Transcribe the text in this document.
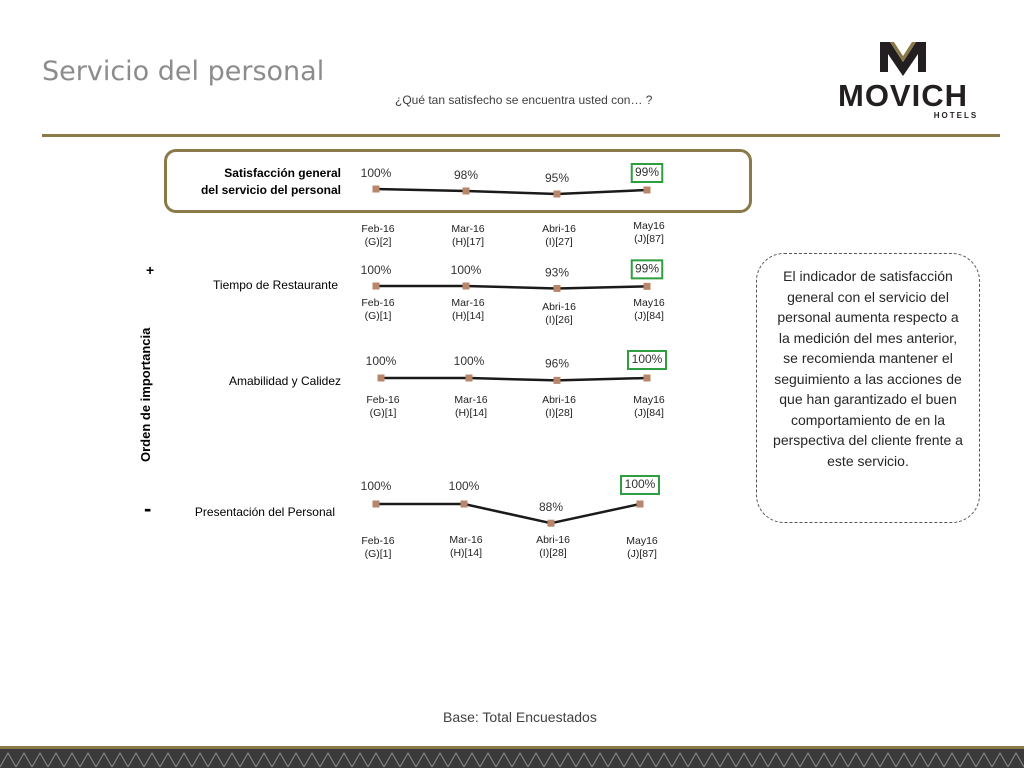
Servicio del personal
¿Qué tan satisfecho se encuentra usted con… ?	MOVICH
HOTELS
Satisfacción general
del servicio del personal
Tiempo de Restaurante
Amabilidad y Calidez
Presentación del Personal
+
-
Orden de importancia
100%
Feb-16
(G)[2]
98%
Mar-16
(H)[17]
95%
Abri-16
(I)[27]
99%
May16
(J)[87]
100%
Feb-16
(G)[1]
100%
Mar-16
(H)[14]
93%
Abri-16
(I)[26]
99%
May16
(J)[84]
100%
Feb-16
(G)[1]
100%
Mar-16
(H)[14]
96%
Abri-16
(I)[28]
100%
May16
(J)[84]
100%
Feb-16
(G)[1]
100%
Mar-16
(H)[14]
88%
Abri-16
(I)[28]
100%
May16
(J)[87]
El indicador de satisfacción general con el servicio del personal aumenta respecto a la medición del mes anterior, se recomienda mantener el seguimiento a las acciones de que han garantizado el buen comportamiento de en la perspectiva del cliente frente a este servicio.
Base: Total Encuestados
